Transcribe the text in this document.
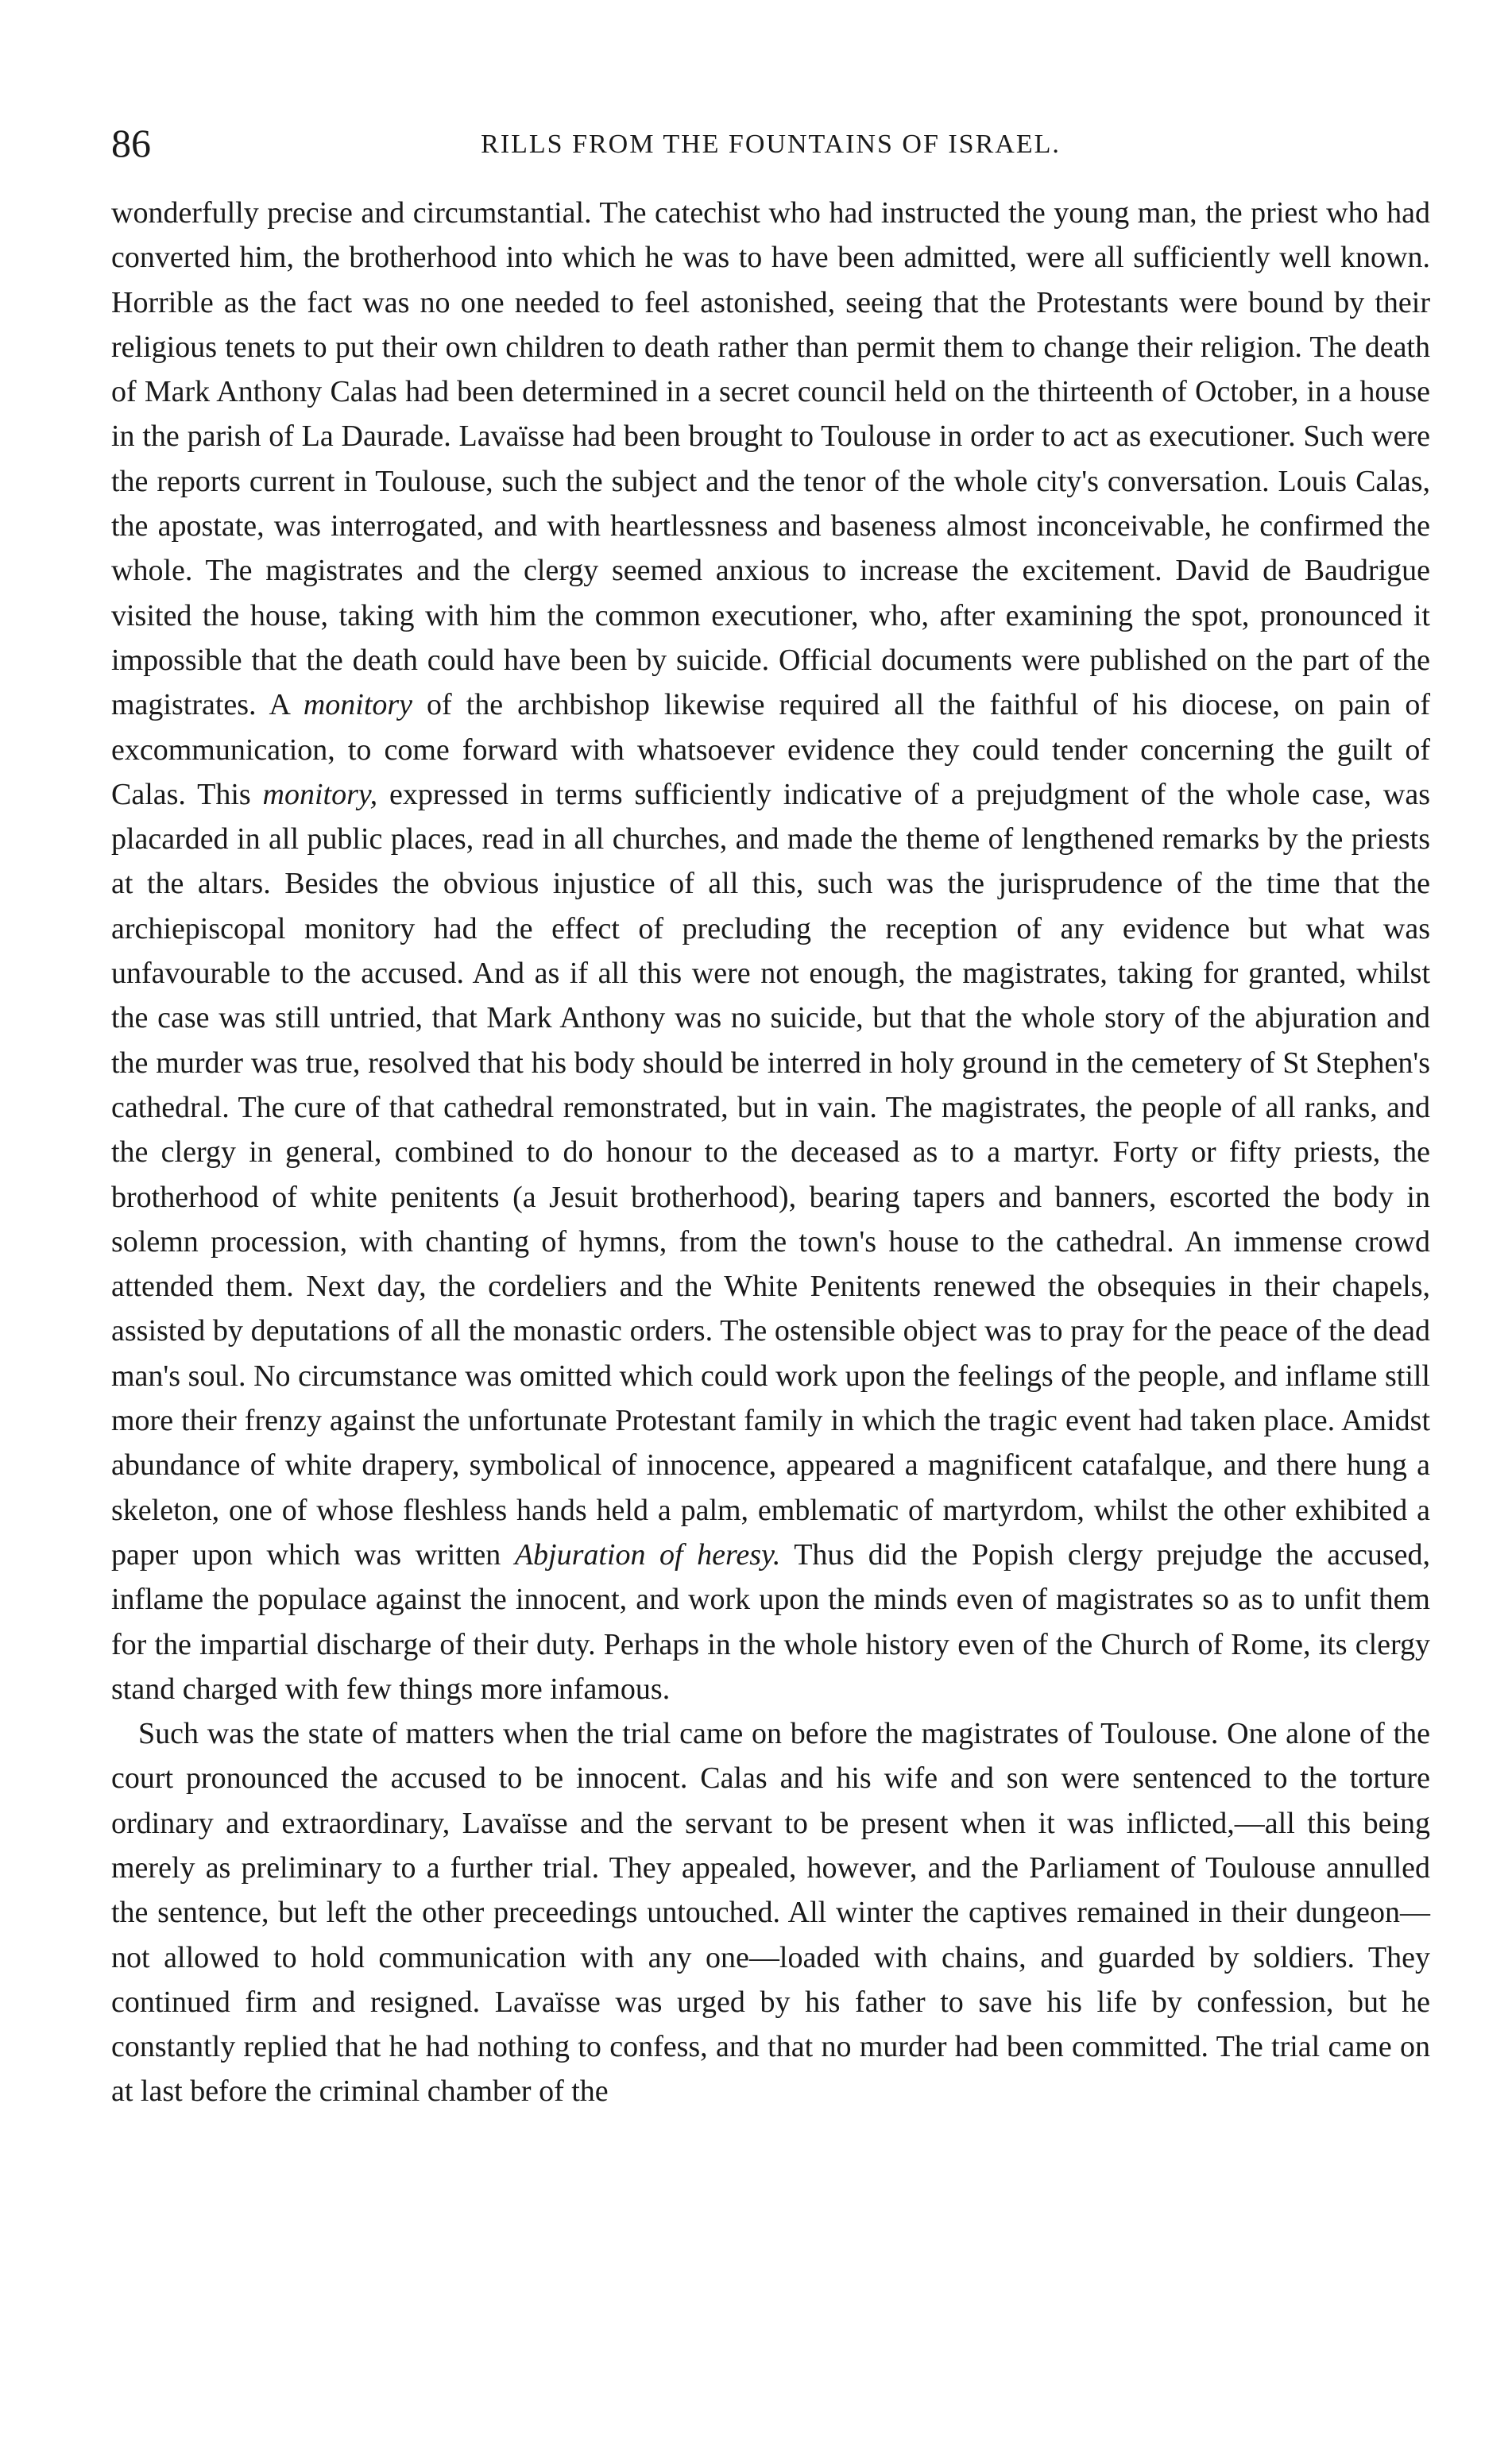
86	RILLS FROM THE FOUNTAINS OF ISRAEL.

wonderfully precise and circumstantial. The catechist who had instructed the young man, the priest who had converted him, the brotherhood into which he was to have been admitted, were all sufficiently well known. Horrible as the fact was no one needed to feel astonished, seeing that the Protestants were bound by their religious tenets to put their own children to death rather than permit them to change their religion. The death of Mark Anthony Calas had been determined in a secret council held on the thirteenth of October, in a house in the parish of La Daurade. Lavaïsse had been brought to Toulouse in order to act as executioner. Such were the reports current in Toulouse, such the subject and the tenor of the whole city's conversation. Louis Calas, the apostate, was interrogated, and with heartlessness and baseness almost inconceivable, he confirmed the whole. The magistrates and the clergy seemed anxious to increase the excitement. David de Baudrigue visited the house, taking with him the common executioner, who, after examining the spot, pronounced it impossible that the death could have been by suicide. Official documents were published on the part of the magistrates. A monitory of the archbishop likewise required all the faithful of his diocese, on pain of excommunication, to come forward with whatsoever evidence they could tender concerning the guilt of Calas. This monitory, expressed in terms sufficiently indicative of a prejudgment of the whole case, was placarded in all public places, read in all churches, and made the theme of lengthened remarks by the priests at the altars. Besides the obvious injustice of all this, such was the jurisprudence of the time that the archiepiscopal monitory had the effect of precluding the reception of any evidence but what was unfavourable to the accused. And as if all this were not enough, the magistrates, taking for granted, whilst the case was still untried, that Mark Anthony was no suicide, but that the whole story of the abjuration and the murder was true, resolved that his body should be interred in holy ground in the cemetery of St Stephen's cathedral. The cure of that cathedral remonstrated, but in vain. The magistrates, the people of all ranks, and the clergy in general, combined to do honour to the deceased as to a martyr. Forty or fifty priests, the brotherhood of white penitents (a Jesuit brotherhood), bearing tapers and banners, escorted the body in solemn procession, with chanting of hymns, from the town's house to the cathedral. An immense crowd attended them. Next day, the cordeliers and the White Penitents renewed the obsequies in their chapels, assisted by deputations of all the monastic orders. The ostensible object was to pray for the peace of the dead man's soul. No circumstance was omitted which could work upon the feelings of the people, and inflame still more their frenzy against the unfortunate Protestant family in which the tragic event had taken place. Amidst abundance of white drapery, symbolical of innocence, appeared a magnificent catafalque, and there hung a skeleton, one of whose fleshless hands held a palm, emblematic of martyrdom, whilst the other exhibited a paper upon which was written Abjuration of heresy. Thus did the Popish clergy prejudge the accused, inflame the populace against the innocent, and work upon the minds even of magistrates so as to unfit them for the impartial discharge of their duty. Perhaps in the whole history even of the Church of Rome, its clergy stand charged with few things more infamous.

Such was the state of matters when the trial came on before the magistrates of Toulouse. One alone of the court pronounced the accused to be innocent. Calas and his wife and son were sentenced to the torture ordinary and extraordinary, Lavaïsse and the servant to be present when it was inflicted,—all this being merely as preliminary to a further trial. They appealed, however, and the Parliament of Toulouse annulled the sentence, but left the other preceedings untouched. All winter the captives remained in their dungeon—not allowed to hold communication with any one—loaded with chains, and guarded by soldiers. They continued firm and resigned. Lavaïsse was urged by his father to save his life by confession, but he constantly replied that he had nothing to confess, and that no murder had been committed. The trial came on at last before the criminal chamber of the
